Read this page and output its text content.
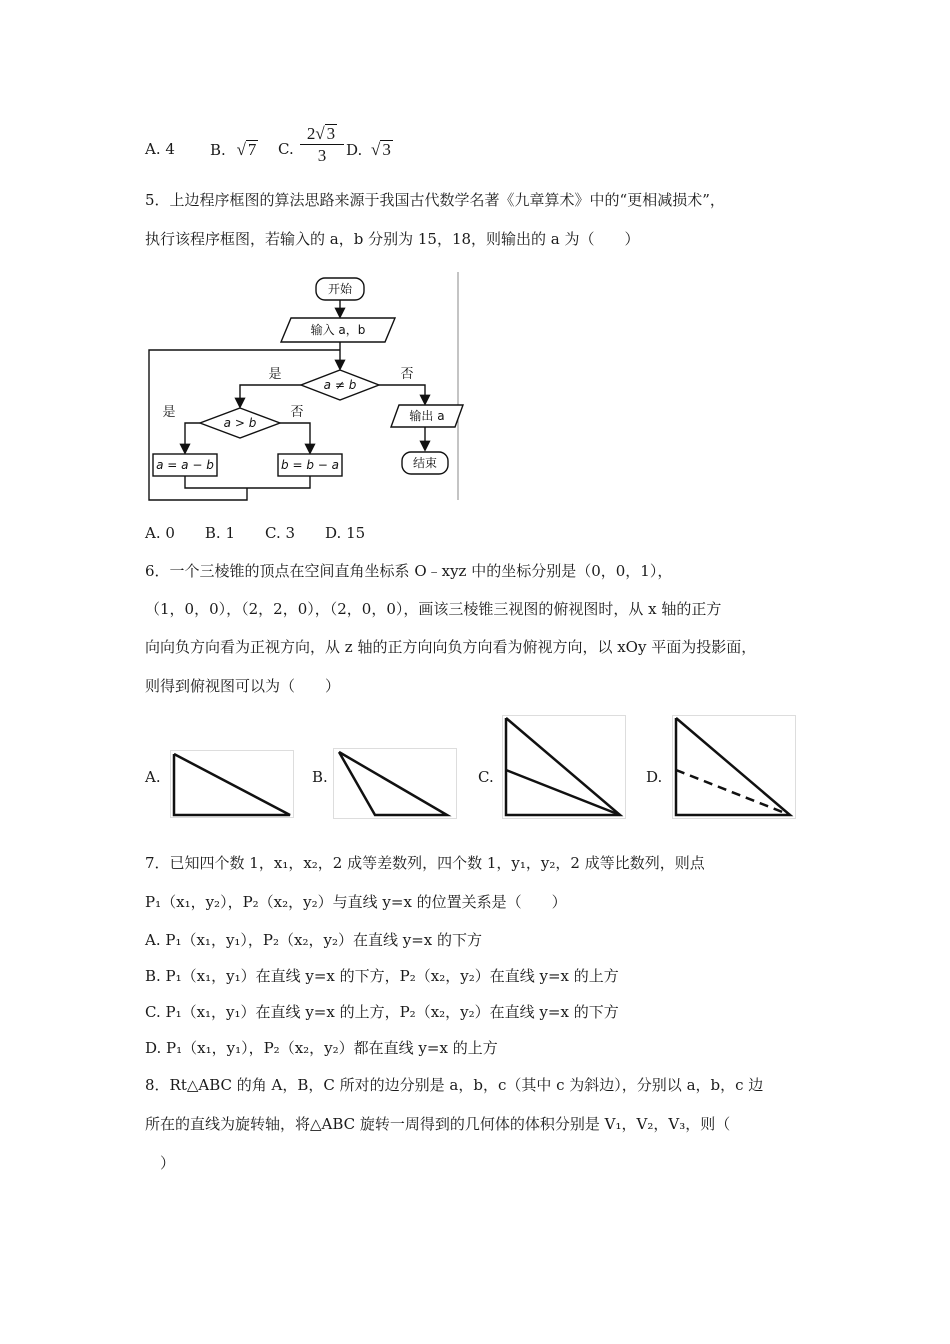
A. 4 B. √ 7 C.
2√ 3
3	D. √ 3
5．上边程序框图的算法思路来源于我国古代数学名著《九章算术》中的“更相减损术”，
执行该程序框图，若输入的 a，b 分别为 15，18，则输出的 a 为（　　）
开始
输入 a，b
a ≠ b
是	否
a > b
是	否
a = a − b	b = b − a
输出 a
结束
A. 0　　B. 1　　C. 3　　D. 15
6．一个三棱锥的顶点在空间直角坐标系 O﹣xyz 中的坐标分别是（0，0，1），
（1，0，0），（2，2，0），（2，0，0），画该三棱锥三视图的俯视图时，从 x 轴的正方
向向负方向看为正视方向，从 z 轴的正方向向负方向看为俯视方向，以 xOy 平面为投影面，
则得到俯视图可以为（　　）
A.	B.	C.	D.
7．已知四个数 1，x₁，x₂，2 成等差数列，四个数 1，y₁，y₂，2 成等比数列，则点
P₁（x₁，y₂），P₂（x₂，y₂）与直线 y=x 的位置关系是（　　）
A. P₁（x₁，y₁），P₂（x₂，y₂）在直线 y=x 的下方
B. P₁（x₁，y₁）在直线 y=x 的下方，P₂（x₂，y₂）在直线 y=x 的上方
C. P₁（x₁，y₁）在直线 y=x 的上方，P₂（x₂，y₂）在直线 y=x 的下方
D. P₁（x₁，y₁），P₂（x₂，y₂）都在直线 y=x 的上方
8．Rt△ABC 的角 A，B，C 所对的边分别是 a，b，c（其中 c 为斜边），分别以 a，b，c 边
所在的直线为旋转轴，将△ABC 旋转一周得到的几何体的体积分别是 V₁，V₂，V₃，则（
　）
